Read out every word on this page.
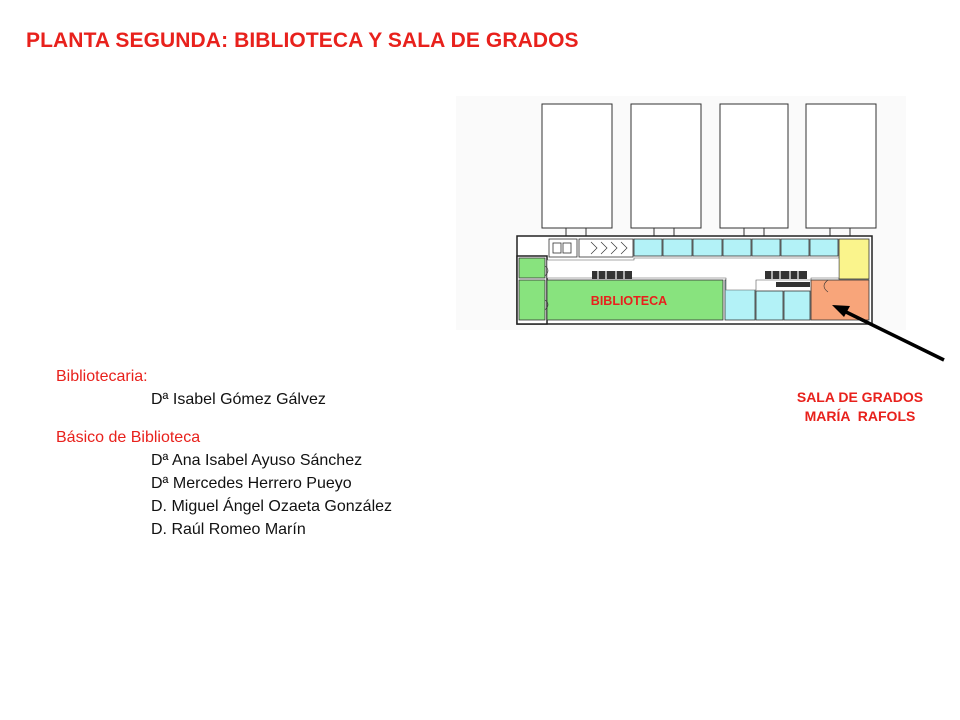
PLANTA SEGUNDA: BIBLIOTECA Y SALA DE GRADOS
BIBLIOTECA
SALA DE GRADOS
MARÍA  RAFOLS
Bibliotecaria:
Dª Isabel Gómez Gálvez
Básico de Biblioteca
Dª Ana Isabel Ayuso Sánchez
Dª Mercedes Herrero Pueyo
D. Miguel Ángel Ozaeta González
D. Raúl Romeo Marín
